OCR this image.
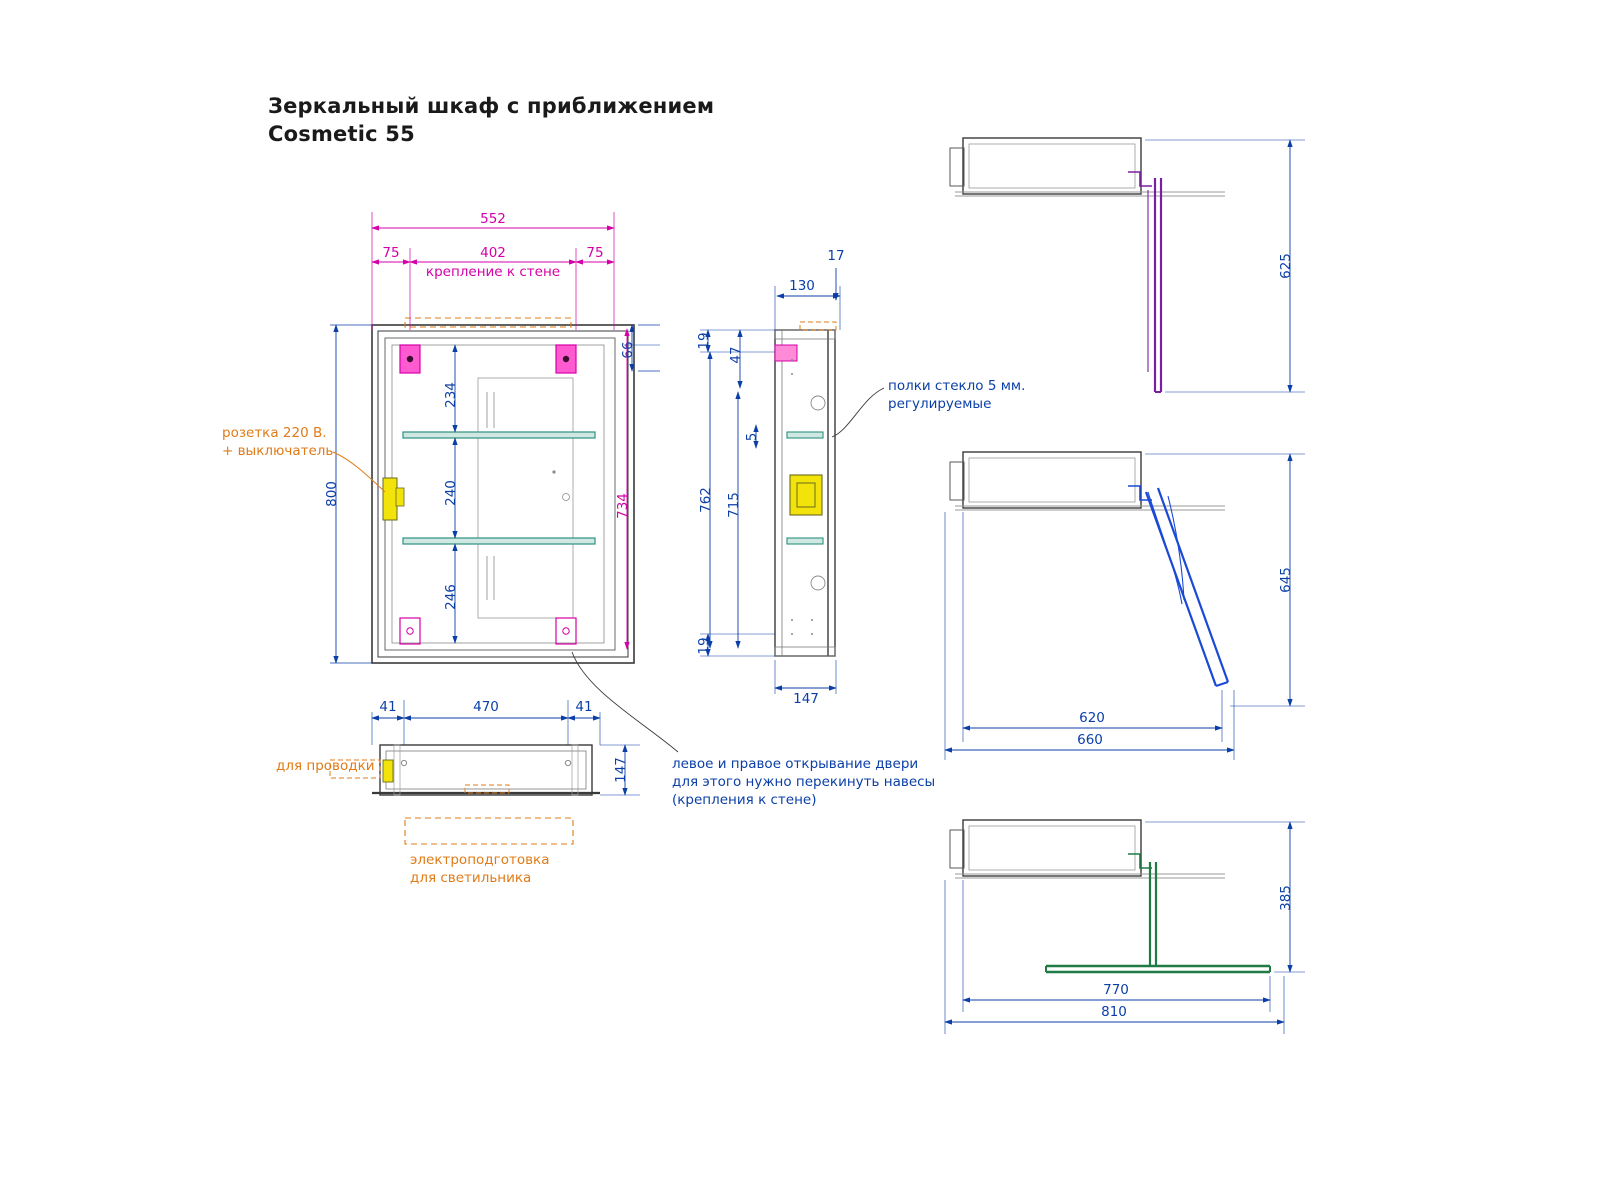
Зеркальный шкаф с приближением
Cosmetic 55
552
75	402	75
крепление к стене
800
66
734
234
240
246
41	470	41
147
17
130
19
47
5
762 715
19
147
625
645
620
660
385
770
810
розетка 220 В.
+ выключатель
полки стекло 5 мм.
регулируемые
левое и правое открывание двери
для этого нужно перекинуть навесы
(крепления к стене)
для проводки
электроподготовка
для светильника
